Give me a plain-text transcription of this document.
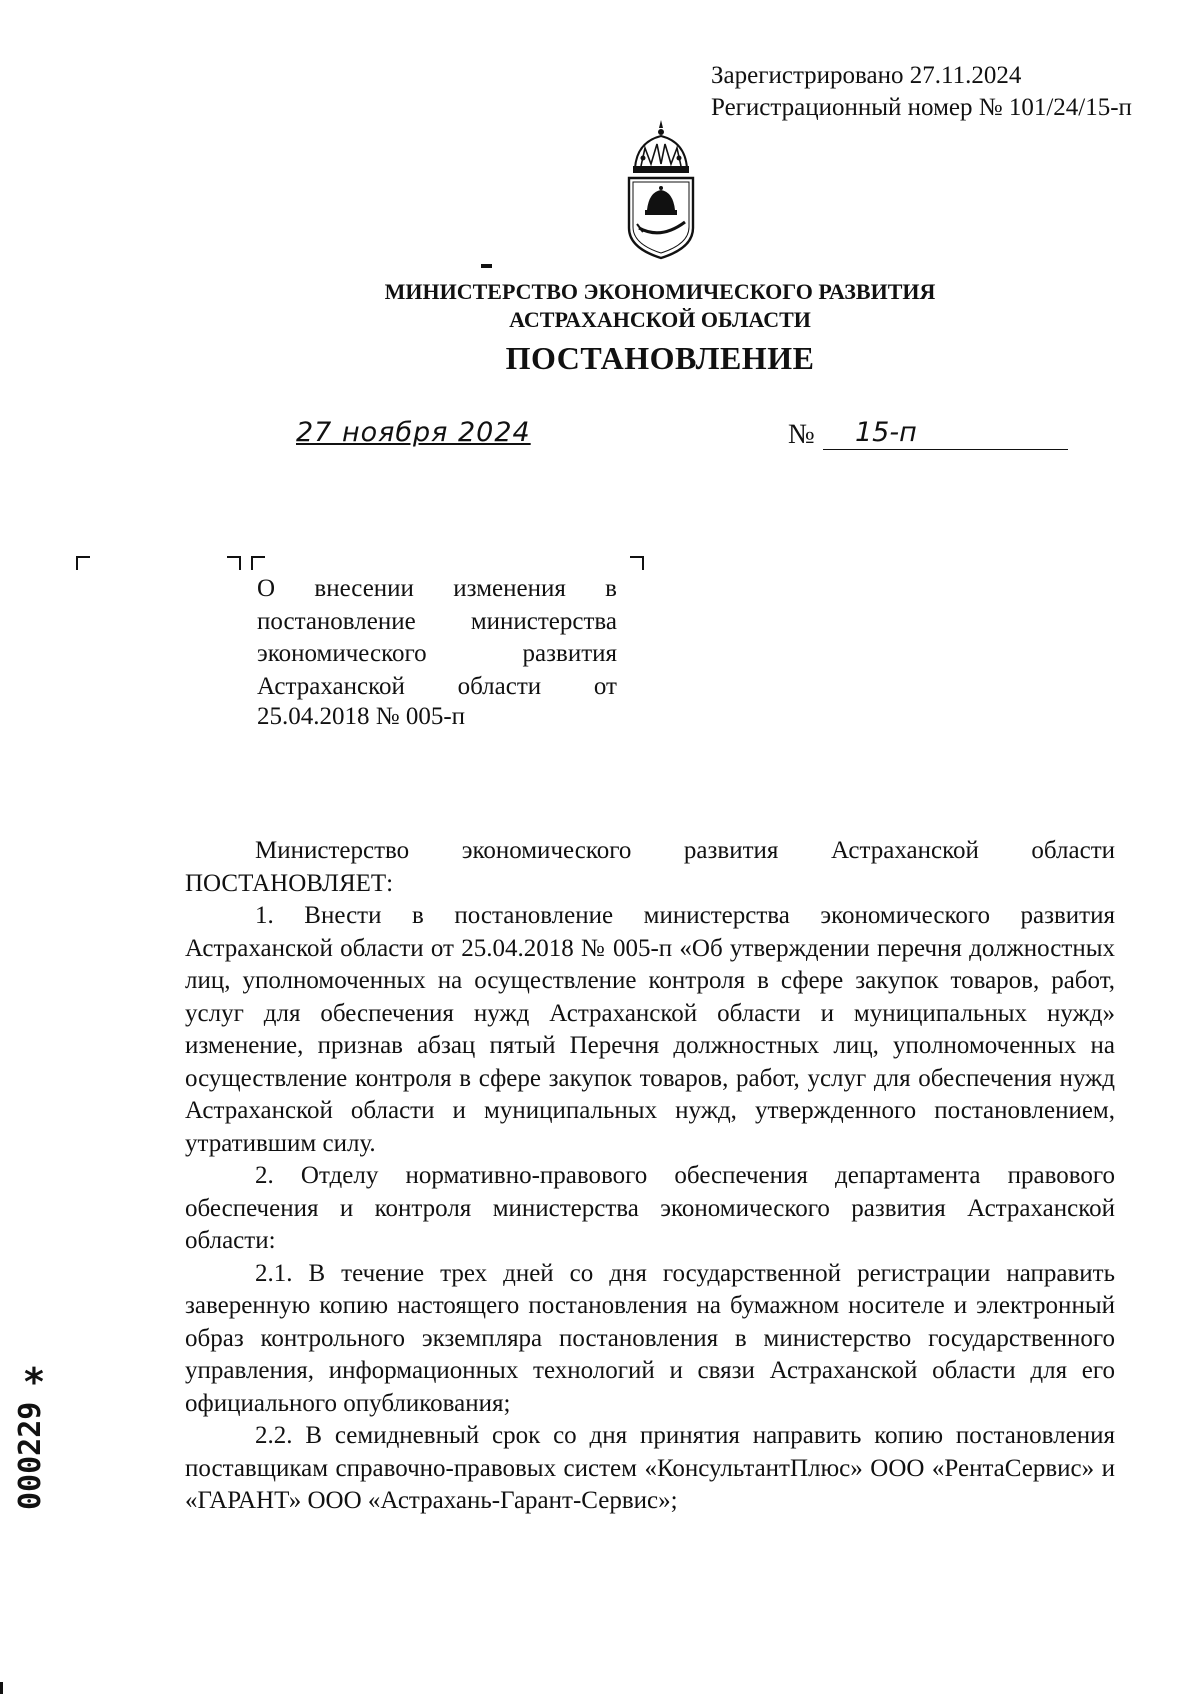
Зарегистрировано 27.11.2024
Регистрационный номер № 101/24/15-п
МИНИСТЕРСТВО ЭКОНОМИЧЕСКОГО РАЗВИТИЯ
АСТРАХАНСКОЙ ОБЛАСТИ
ПОСТАНОВЛЕНИЕ
27 ноября 2024	№ 15-п
О внесении изменения в
постановление министерства
экономического развития
Астраханской области от
25.04.2018 № 005-п

Министерство экономического развития Астраханской области ПОСТАНОВЛЯЕТ:

1. Внести в постановление министерства экономического развития Астраханской области от 25.04.2018 № 005-п «Об утверждении перечня должностных лиц, уполномоченных на осуществление контроля в сфере закупок товаров, работ, услуг для обеспечения нужд Астраханской области и муниципальных нужд» изменение, признав абзац пятый Перечня должностных лиц, уполномоченных на осуществление контроля в сфере закупок товаров, работ, услуг для обеспечения нужд Астраханской области и муниципальных нужд, утвержденного постановлением, утратившим силу.

2. Отделу нормативно-правового обеспечения департамента правового обеспечения и контроля министерства экономического развития Астраханской области:

2.1. В течение трех дней со дня государственной регистрации направить заверенную копию настоящего постановления на бумажном носителе и электронный образ контрольного экземпляра постановления в министерство государственного управления, информационных технологий и связи Астраханской области для его официального опубликования;

2.2. В семидневный срок со дня принятия направить копию постановления поставщикам справочно-правовых систем «КонсультантПлюс» ООО «РентаСервис» и «ГАРАНТ» ООО «Астрахань-Гарант-Сервис»;

*
000229
